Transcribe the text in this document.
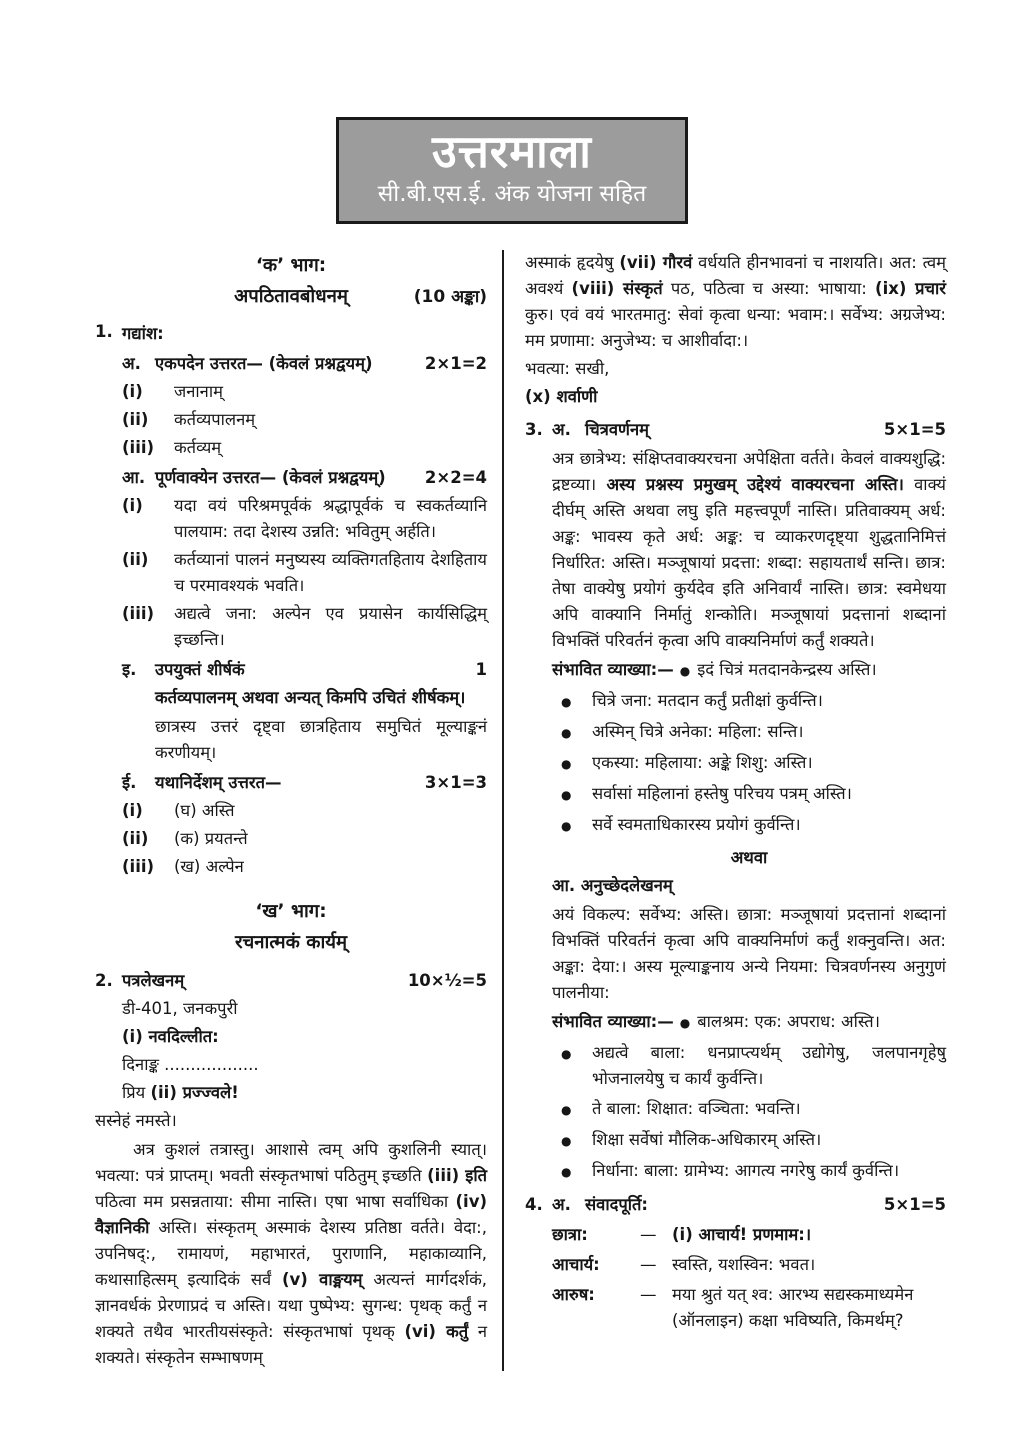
उत्तरमाला
सी.बी.एस.ई. अंक योजना सहित
‘क’ भाग:
अपठितावबोधनम्	(10 अङ्का)
1. गद्यांश:
अ. एकपदेन उत्तरत— (केवलं प्रश्नद्वयम्)	2×1=2
(i)	जनानाम्
(ii)	कर्तव्यपालनम्
(iii)	कर्तव्यम्
आ. पूर्णवाक्येन उत्तरत— (केवलं प्रश्नद्वयम्)	2×2=4
(i)	यदा वयं परिश्रमपूर्वकं श्रद्धापूर्वकं च स्वकर्तव्यानि पालयाम: तदा देशस्य उन्नति: भवितुम् अर्हति।
(ii)	कर्तव्यानां पालनं मनुष्यस्य व्यक्तिगतहिताय देशहिताय च परमावश्यकं भवति।
(iii)	अद्यत्वे जना: अल्पेन एव प्रयासेन कार्यसिद्धिम् इच्छन्ति।
इ.	उपयुक्तं शीर्षकं	1
कर्तव्यपालनम् अथवा अन्यत् किमपि उचितं शीर्षकम्।
छात्रस्य उत्तरं दृष्ट्वा छात्रहिताय समुचितं मूल्याङ्कनं करणीयम्।
ई.	यथानिर्देशम् उत्तरत—	3×1=3
(i)	(घ) अस्ति
(ii)	(क) प्रयतन्ते
(iii)	(ख) अल्पेन
‘ख’ भाग:
रचनात्मकं कार्यम्
2. पत्रलेखनम्	10×½=5
डी-401, जनकपुरी
(i) नवदिल्लीत:
दिनाङ्क ..................
प्रिय (ii) प्रज्ज्वले!
सस्नेहं नमस्ते।
अत्र कुशलं तत्रास्तु। आशासे त्वम् अपि कुशलिनी स्यात्। भवत्या: पत्रं प्राप्तम्। भवती संस्कृतभाषां पठितुम् इच्छति (iii) इति पठित्वा मम प्रसन्नताया: सीमा नास्ति। एषा भाषा सर्वाधिका (iv) वैज्ञानिकी अस्ति। संस्कृतम् अस्माकं देशस्य प्रतिष्ठा वर्तते। वेदा:, उपनिषद्:, रामायणं, महाभारतं, पुराणानि, महाकाव्यानि, कथासाहित्सम् इत्यादिकं सर्वं (v) वाङ्मयम् अत्यन्तं मार्गदर्शकं, ज्ञानवर्धकं प्रेरणाप्रदं च अस्ति। यथा पुष्पेभ्य: सुगन्ध: पृथक् कर्तुं न शक्यते तथैव भारतीयसंस्कृते: संस्कृतभाषां पृथक् (vi) कर्तुं न शक्यते। संस्कृतेन सम्भाषणम्
अस्माकं हृदयेषु (vii) गौरवं वर्धयति हीनभावनां च नाशयति। अत: त्वम् अवश्यं (viii) संस्कृतं पठ, पठित्वा च अस्या: भाषाया: (ix) प्रचारं कुरु। एवं वयं भारतमातु: सेवां कृत्वा धन्या: भवाम:। सर्वेभ्य: अग्रजेभ्य: मम प्रणामा: अनुजेभ्य: च आशीर्वादा:।
भवत्या: सखी,
(x) शर्वाणी
3. अ. चित्रवर्णनम्	5×1=5
अत्र छात्रेभ्य: संक्षिप्तवाक्यरचना अपेक्षिता वर्तते। केवलं वाक्यशुद्धि: द्रष्टव्या। अस्य प्रश्नस्य प्रमुखम् उद्देश्यं वाक्यरचना अस्ति। वाक्यं दीर्घम् अस्ति अथवा लघु इति महत्त्वपूर्णं नास्ति। प्रतिवाक्यम् अर्ध: अङ्क: भावस्य कृते अर्ध: अङ्क: च व्याकरणदृष्ट्या शुद्धतानिमित्तं निर्धारित: अस्ति। मञ्जूषायां प्रदत्ता: शब्दा: सहायतार्थं सन्ति। छात्र: तेषा वाक्येषु प्रयोगं कुर्यदेव इति अनिवार्यं नास्ति। छात्र: स्वमेधया अपि वाक्यानि निर्मातुं शन्कोति। मञ्जूषायां प्रदत्तानां शब्दानां विभक्तिं परिवर्तनं कृत्वा अपि वाक्यनिर्माणं कर्तुं शक्यते।
संभावित व्याख्या:— ● इदं चित्रं मतदानकेन्द्रस्य अस्ति।
●
चित्रे जना: मतदान कर्तुं प्रतीक्षां कुर्वन्ति।
●
अस्मिन् चित्रे अनेका: महिला: सन्ति।
●
एकस्या: महिलाया: अङ्के शिशु: अस्ति।
●
सर्वासां महिलानां हस्तेषु परिचय पत्रम् अस्ति।
●
सर्वे स्वमताधिकारस्य प्रयोगं कुर्वन्ति।
अथवा
आ. अनुच्छेदलेखनम्
अयं विकल्प: सर्वेभ्य: अस्ति। छात्रा: मञ्जूषायां प्रदत्तानां शब्दानां विभक्तिं परिवर्तनं कृत्वा अपि वाक्यनिर्माणं कर्तुं शक्नुवन्ति। अत: अङ्का: देया:। अस्य मूल्याङ्कनाय अन्ये नियमा: चित्रवर्णनस्य अनुगुणं पालनीया:
संभावित व्याख्या:— ● बालश्रम: एक: अपराध: अस्ति।
●
अद्यत्वे बाला: धनप्राप्त्यर्थम् उद्योगेषु, जलपानगृहेषु भोजनालयेषु च कार्यं कुर्वन्ति।
●
ते बाला: शिक्षात: वञ्चिता: भवन्ति।
●
शिक्षा सर्वेषां मौलिक-अधिकारम् अस्ति।
●
निर्धाना: बाला: ग्रामेभ्य: आगत्य नगरेषु कार्यं कुर्वन्ति।
4. अ. संवादपूर्ति:	5×1=5
छात्रा:	— (i) आचार्य! प्रणमाम:।
आचार्य:	— स्वस्ति, यशस्विन: भवत।
आरुष:	— मया श्रुतं यत् श्व: आरभ्य सद्यस्कमाध्यमेन (ऑनलाइन) कक्षा भविष्यति, किमर्थम्?
